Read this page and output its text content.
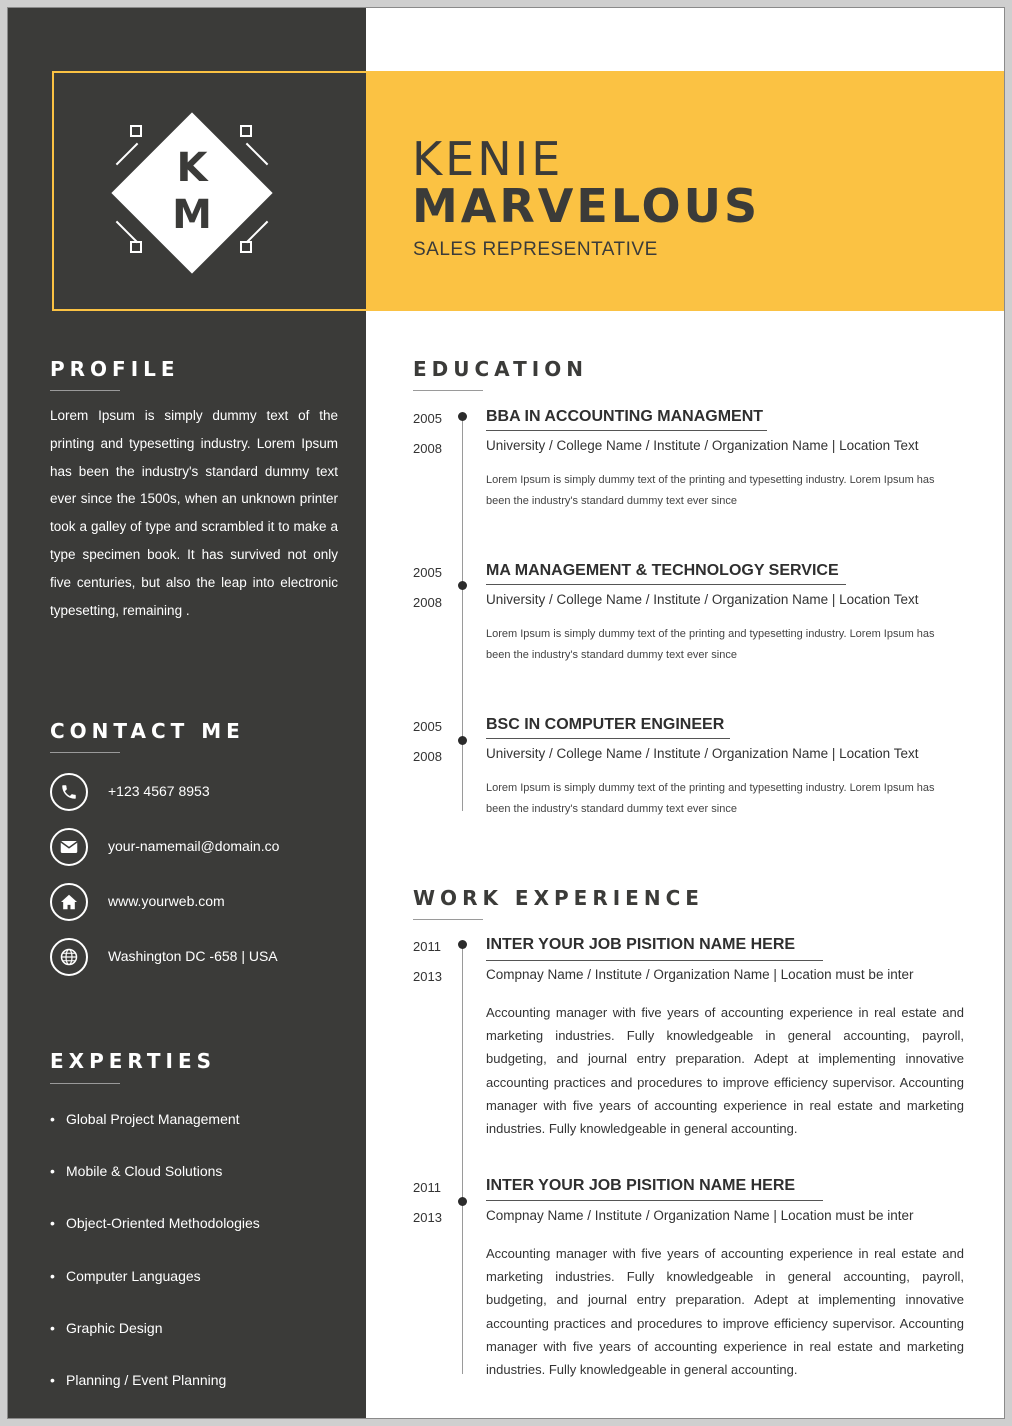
K
M
KENIE
MARVELOUS
SALES REPRESENTATIVE
PROFILE
Lorem Ipsum is simply dummy text of the printing and typesetting industry. Lorem Ipsum has been the industry's standard dummy text ever since the 1500s, when an unknown printer took a galley of type and scrambled it to make a type specimen book. It has survived not only five centuries, but also the leap into electronic typesetting, remaining .
CONTACT ME
+123 4567 8953
your-namemail@domain.co
www.yourweb.com
Washington DC -658 | USA
EXPERTIES
• Global Project Management
• Mobile & Cloud Solutions
• Object-Oriented Methodologies
• Computer Languages
• Graphic Design
• Planning / Event Planning
EDUCATION
2005
2008
BBA IN ACCOUNTING MANAGMENT
University / College Name / Institute / Organization Name | Location Text
Lorem Ipsum is simply dummy text of the printing and typesetting industry. Lorem Ipsum has been the industry's standard dummy text ever since
2005
2008
MA MANAGEMENT & TECHNOLOGY SERVICE
University / College Name / Institute / Organization Name | Location Text
Lorem Ipsum is simply dummy text of the printing and typesetting industry. Lorem Ipsum has been the industry's standard dummy text ever since
2005
2008
BSC IN COMPUTER ENGINEER
University / College Name / Institute / Organization Name | Location Text
Lorem Ipsum is simply dummy text of the printing and typesetting industry. Lorem Ipsum has been the industry's standard dummy text ever since
WORK EXPERIENCE
2011
2013
INTER YOUR JOB PISITION NAME HERE
Compnay Name / Institute / Organization Name | Location must be inter
Accounting manager with five years of accounting experience in real estate and marketing industries. Fully knowledgeable in general accounting, payroll, budgeting, and journal entry preparation. Adept at implementing innovative accounting practices and procedures to improve efficiency supervisor. Accounting manager with five years of accounting experience in real estate and marketing industries. Fully knowledgeable in general accounting.
2011
2013
INTER YOUR JOB PISITION NAME HERE
Compnay Name / Institute / Organization Name | Location must be inter
Accounting manager with five years of accounting experience in real estate and marketing industries. Fully knowledgeable in general accounting, payroll, budgeting, and journal entry preparation. Adept at implementing innovative accounting practices and procedures to improve efficiency supervisor. Accounting manager with five years of accounting experience in real estate and marketing industries. Fully knowledgeable in general accounting.
